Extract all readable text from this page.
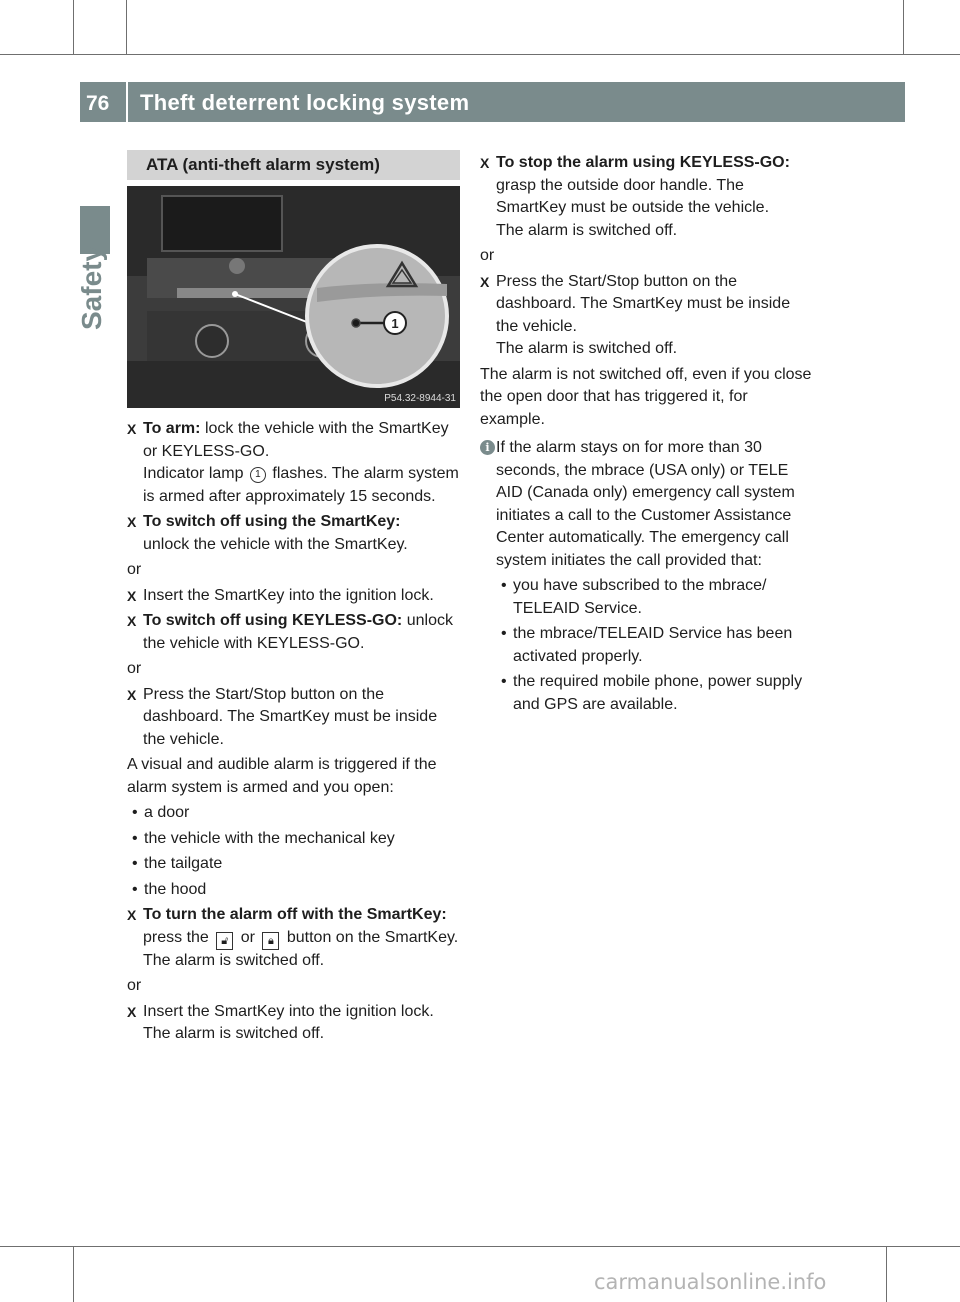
76 Theft deterrent locking system
Safety
ATA (anti-theft alarm system)
1
P54.32-8944-31
X To arm: lock the vehicle with the SmartKey or KEYLESS-GO.
Indicator lamp 1 flashes. The alarm system is armed after approximately 15 seconds.
X To switch off using the SmartKey:
unlock the vehicle with the SmartKey.
or
X Insert the SmartKey into the ignition lock.
X To switch off using KEYLESS-GO: unlock the vehicle with KEYLESS-GO.
or
X Press the Start/Stop button on the dashboard. The SmartKey must be inside the vehicle.
A visual and audible alarm is triggered if the alarm system is armed and you open:
• a door
• the vehicle with the mechanical key
• the tailgate
• the hood
X To turn the alarm off with the SmartKey: press the 🔓︎ or 🔒︎ button on the SmartKey.
The alarm is switched off.
or
X Insert the SmartKey into the ignition lock.
The alarm is switched off.
X To stop the alarm using KEYLESS-GO:
grasp the outside door handle. The SmartKey must be outside the vehicle.
The alarm is switched off.
or
X Press the Start/Stop button on the dashboard. The SmartKey must be inside the vehicle.
The alarm is switched off.
The alarm is not switched off, even if you close the open door that has triggered it, for example.
i If the alarm stays on for more than 30 seconds, the mbrace (USA only) or TELE AID (Canada only) emergency call system initiates a call to the Customer Assistance Center automatically. The emergency call system initiates the call provided that:
• you have subscribed to the mbrace/ TELEAID Service.
• the mbrace/TELEAID Service has been activated properly.
• the required mobile phone, power supply and GPS are available.
carmanualsonline.info
